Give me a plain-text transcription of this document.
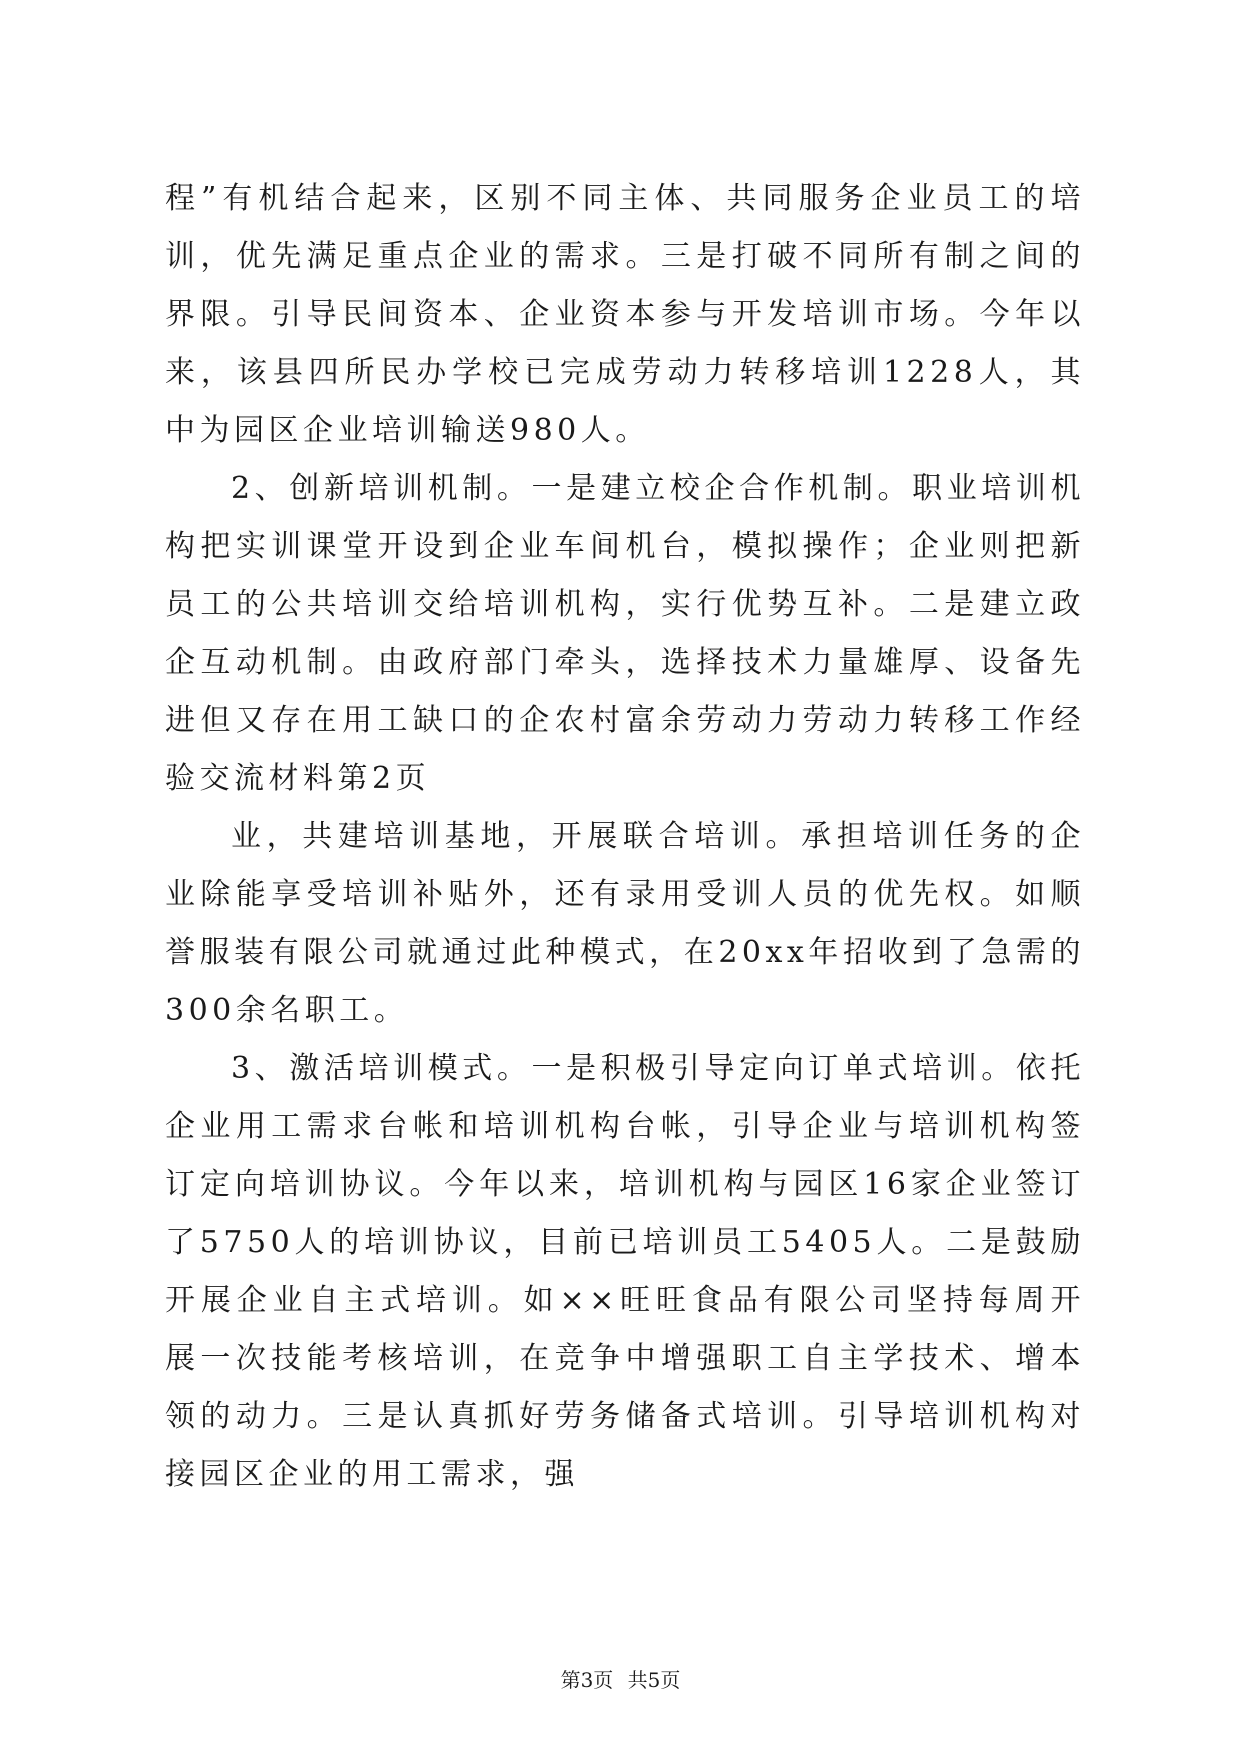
程”有机结合起来，区别不同主体、共同服务企业员工的培训，优先满足重点企业的需求。三是打破不同所有制之间的界限。引导民间资本、企业资本参与开发培训市场。今年以来，该县四所民办学校已完成劳动力转移培训1228人，其中为园区企业培训输送980人。

2、创新培训机制。一是建立校企合作机制。职业培训机构把实训课堂开设到企业车间机台，模拟操作；企业则把新员工的公共培训交给培训机构，实行优势互补。二是建立政企互动机制。由政府部门牵头，选择技术力量雄厚、设备先进但又存在用工缺口的企农村富余劳动力劳动力转移工作经验交流材料第2页

业，共建培训基地，开展联合培训。承担培训任务的企业除能享受培训补贴外，还有录用受训人员的优先权。如顺誉服装有限公司就通过此种模式，在20xx年招收到了急需的300余名职工。

3、激活培训模式。一是积极引导定向订单式培训。依托企业用工需求台帐和培训机构台帐，引导企业与培训机构签订定向培训协议。今年以来，培训机构与园区16家企业签订了5750人的培训协议，目前已培训员工5405人。二是鼓励开展企业自主式培训。如××旺旺食品有限公司坚持每周开展一次技能考核培训，在竞争中增强职工自主学技术、增本领的动力。三是认真抓好劳务储备式培训。引导培训机构对接园区企业的用工需求，强

第3页 共5页
